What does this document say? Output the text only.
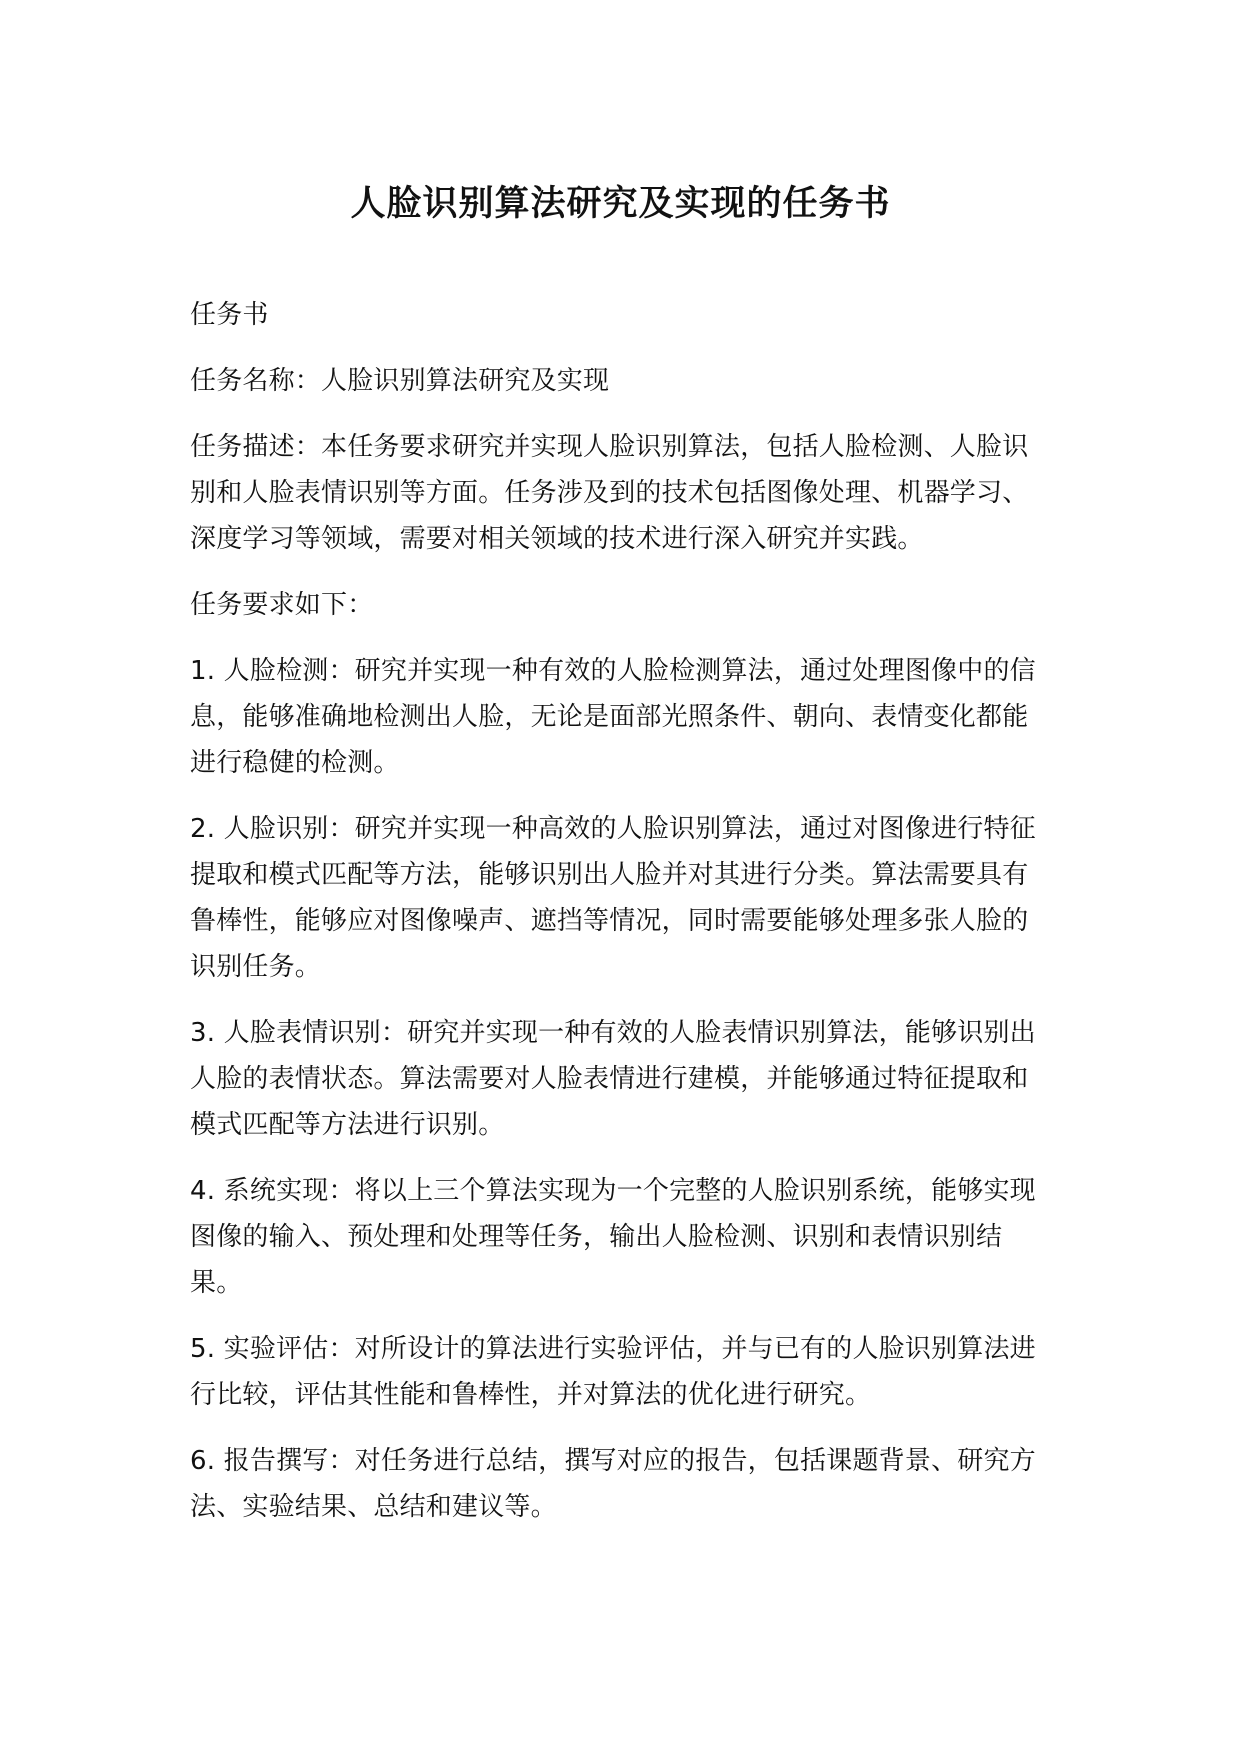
人脸识别算法研究及实现的任务书

任务书

任务名称：人脸识别算法研究及实现

任务描述：本任务要求研究并实现人脸识别算法，包括人脸检测、人脸识别和人脸表情识别等方面。任务涉及到的技术包括图像处理、机器学习、深度学习等领域，需要对相关领域的技术进行深入研究并实践。

任务要求如下：

1. 人脸检测：研究并实现一种有效的人脸检测算法，通过处理图像中的信息，能够准确地检测出人脸，无论是面部光照条件、朝向、表情变化都能进行稳健的检测。

2. 人脸识别：研究并实现一种高效的人脸识别算法，通过对图像进行特征提取和模式匹配等方法，能够识别出人脸并对其进行分类。算法需要具有鲁棒性，能够应对图像噪声、遮挡等情况，同时需要能够处理多张人脸的识别任务。

3. 人脸表情识别：研究并实现一种有效的人脸表情识别算法，能够识别出人脸的表情状态。算法需要对人脸表情进行建模，并能够通过特征提取和模式匹配等方法进行识别。

4. 系统实现：将以上三个算法实现为一个完整的人脸识别系统，能够实现图像的输入、预处理和处理等任务，输出人脸检测、识别和表情识别结果。

5. 实验评估：对所设计的算法进行实验评估，并与已有的人脸识别算法进行比较，评估其性能和鲁棒性，并对算法的优化进行研究。

6. 报告撰写：对任务进行总结，撰写对应的报告，包括课题背景、研究方法、实验结果、总结和建议等。
